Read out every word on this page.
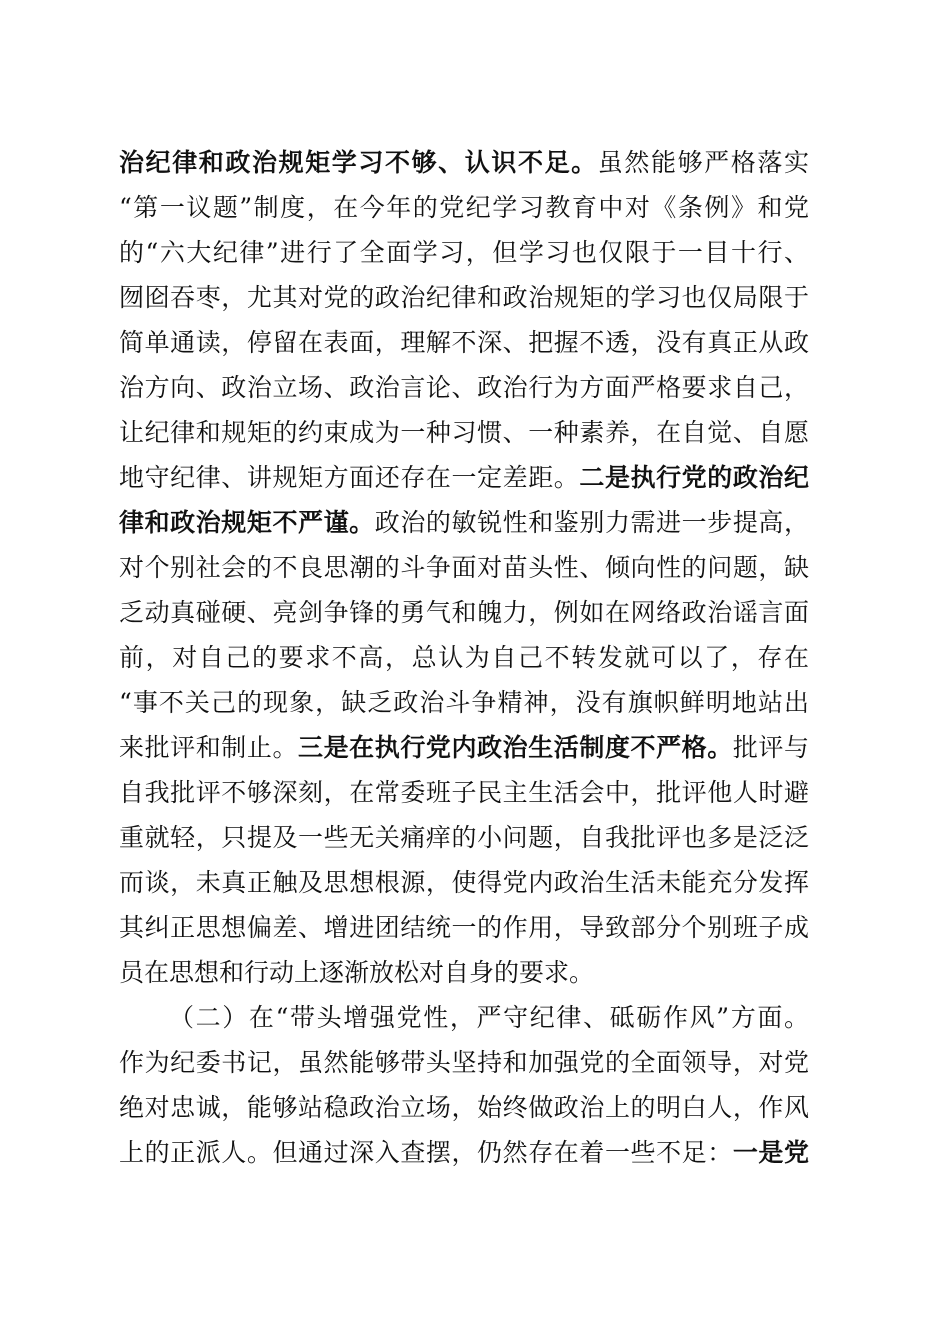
治纪律和政治规矩学习不够、认识不足。虽然能够严格落实
“第一议题”制度，在今年的党纪学习教育中对《条例》和党
的“六大纪律”进行了全面学习，但学习也仅限于一目十行、
囫囵吞枣，尤其对党的政治纪律和政治规矩的学习也仅局限于
简单通读，停留在表面，理解不深、把握不透，没有真正从政
治方向、政治立场、政治言论、政治行为方面严格要求自己，
让纪律和规矩的约束成为一种习惯、一种素养，在自觉、自愿
地守纪律、讲规矩方面还存在一定差距。二是执行党的政治纪
律和政治规矩不严谨。政治的敏锐性和鉴别力需进一步提高，
对个别社会的不良思潮的斗争面对苗头性、倾向性的问题，缺
乏动真碰硬、亮剑争锋的勇气和魄力，例如在网络政治谣言面
前，对自己的要求不高，总认为自己不转发就可以了，存在
“事不关己的现象，缺乏政治斗争精神，没有旗帜鲜明地站出
来批评和制止。三是在执行党内政治生活制度不严格。批评与
自我批评不够深刻，在常委班子民主生活会中，批评他人时避
重就轻，只提及一些无关痛痒的小问题，自我批评也多是泛泛
而谈，未真正触及思想根源，使得党内政治生活未能充分发挥
其纠正思想偏差、增进团结统一的作用，导致部分个别班子成
员在思想和行动上逐渐放松对自身的要求。
（二）在“带头增强党性，严守纪律、砥砺作风”方面。
作为纪委书记，虽然能够带头坚持和加强党的全面领导，对党
绝对忠诚，能够站稳政治立场，始终做政治上的明白人，作风
上的正派人。但通过深入查摆，仍然存在着一些不足：一是党
